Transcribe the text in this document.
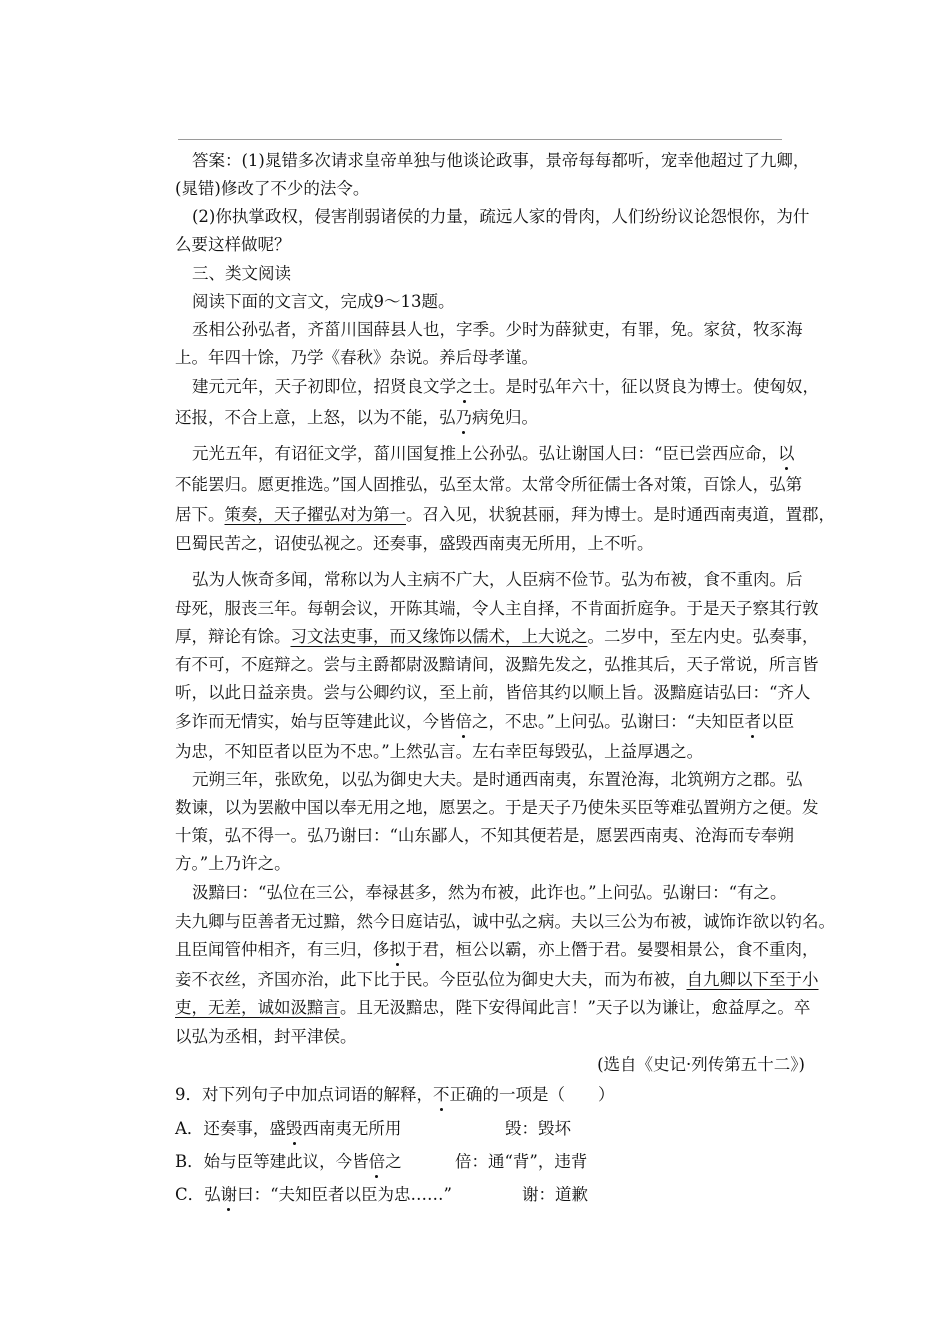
答案：(1)晁错多次请求皇帝单独与他谈论政事，景帝每每都听，宠幸他超过了九卿，
(晁错)修改了不少的法令。
(2)你执掌政权，侵害削弱诸侯的力量，疏远人家的骨肉，人们纷纷议论怨恨你，为什
么要这样做呢？
三、类文阅读
阅读下面的文言文，完成9～13题。
丞相公孙弘者，齐菑川国薛县人也，字季。少时为薛狱吏，有罪，免。家贫，牧豕海
上。年四十馀，乃学《春秋》杂说。养后母孝谨。
建元元年，天子初即位，招贤良文学之士。是时弘年六十，征以贤良为博士。使匈奴，
还报，不合上意，上怒，以为不能，弘乃病免归。
元光五年，有诏征文学，菑川国复推上公孙弘。弘让谢国人曰：“臣已尝西应命，以
不能罢归。愿更推选。”国人固推弘，弘至太常。太常令所征儒士各对策，百馀人，弘第
居下。策奏，天子擢弘对为第一。召入见，状貌甚丽，拜为博士。是时通西南夷道，置郡，
巴蜀民苦之，诏使弘视之。还奏事，盛毁西南夷无所用，上不听。
弘为人恢奇多闻，常称以为人主病不广大，人臣病不俭节。弘为布被，食不重肉。后
母死，服丧三年。每朝会议，开陈其端，令人主自择，不肯面折庭争。于是天子察其行敦
厚，辩论有馀。习文法吏事，而又缘饰以儒术，上大说之。二岁中，至左内史。弘奏事，
有不可，不庭辩之。尝与主爵都尉汲黯请间，汲黯先发之，弘推其后，天子常说，所言皆
听，以此日益亲贵。尝与公卿约议，至上前，皆倍其约以顺上旨。汲黯庭诘弘曰：“齐人
多诈而无情实，始与臣等建此议，今皆倍之，不忠。”上问弘。弘谢曰：“夫知臣者以臣
为忠，不知臣者以臣为不忠。”上然弘言。左右幸臣每毁弘，上益厚遇之。
元朔三年，张欧免，以弘为御史大夫。是时通西南夷，东置沧海，北筑朔方之郡。弘
数谏，以为罢敝中国以奉无用之地，愿罢之。于是天子乃使朱买臣等难弘置朔方之便。发
十策，弘不得一。弘乃谢曰：“山东鄙人，不知其便若是，愿罢西南夷、沧海而专奉朔
方。”上乃许之。
汲黯曰：“弘位在三公，奉禄甚多，然为布被，此诈也。”上问弘。弘谢曰：“有之。
夫九卿与臣善者无过黯，然今日庭诘弘，诚中弘之病。夫以三公为布被，诚饰诈欲以钓名。
且臣闻管仲相齐，有三归，侈拟于君，桓公以霸，亦上僭于君。晏婴相景公，食不重肉，
妾不衣丝，齐国亦治，此下比于民。今臣弘位为御史大夫，而为布被，自九卿以下至于小
吏，无差，诚如汲黯言。且无汲黯忠，陛下安得闻此言！”天子以为谦让，愈益厚之。卒
以弘为丞相，封平津侯。
(选自《史记·列传第五十二》)
9．对下列句子中加点词语的解释，不正确的一项是（　　）
A．还奏事，盛毁西南夷无所用	毁：毁坏
B．始与臣等建此议，今皆倍之	倍：通“背”，违背
C．弘谢曰：“夫知臣者以臣为忠……”	谢：道歉
